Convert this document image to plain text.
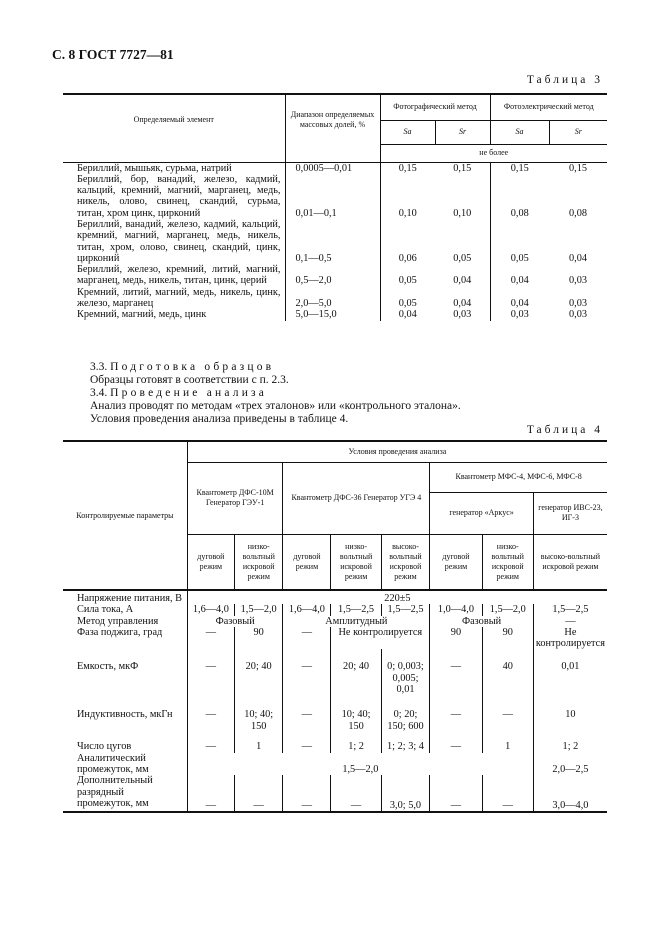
С. 8 ГОСТ 7727—81
Таблица 3
Определяемый элемент	Диапазон определяемых массовых долей, %	Фотографический метод		Фотоэлектрический метод	
		Sa	Sr	Sa	Sr
		не более			
Бериллий, мышьяк, сурьма, натрий	0,0005—0,01	0,15	0,15	0,15	0,15
Бериллий, бор, ванадий, железо, кадмий, кальций, кремний, магний, марганец, медь, никель, олово, свинец, скандий, сурьма, титан, хром цинк, цирконий	0,01—0,1	0,10	0,10	0,08	0,08
Бериллий, ванадий, железо, кадмий, кальций, кремний, магний, марганец, медь, никель, титан, хром, олово, свинец, скандий, цинк, цирконий	0,1—0,5	0,06	0,05	0,05	0,04
Бериллий, железо, кремний, литий, магний, марганец, медь, никель, титан, цинк, церий	0,5—2,0	0,05	0,04	0,04	0,03
Кремний, литий, магний, медь, никель, цинк, железо, марганец	2,0—5,0	0,05	0,04	0,04	0,03
Кремний, магний, медь, цинк	5,0—15,0	0,04	0,03	0,03	0,03
3.3. Подготовка образцов
Образцы готовят в соответствии с п. 2.3.
3.4. Проведение анализа
Анализ проводят по методам «трех эталонов» или «контрольного эталона».
Условия проведения анализа приведены в таблице 4.
Таблица 4
Контролируемые параметры	Условия проведения анализа							
	Квантометр ДФС-10М Генератор ГЭУ-1		Квантометр ДФС-36 Генератор УГЭ 4			Квантометр МФС-4, МФС-6, МФС-8		
						генератор «Аркус»		генератор ИВС-23, ИГ-3
	дуговой режим	низко-вольтный искровой режим	дуговой режим	низко-вольтный искровой режим	высоко-вольтный искровой режим	дуговой режим	низко-вольтный искровой режим	высоко-вольтный искровой режим
Напряжение питания, В	220±5							
Сила тока, А	1,6—4,0	1,5—2,0	1,6—4,0	1,5—2,5	1,5—2,5	1,0—4,0	1,5—2,0	1,5—2,5
Метод управления	Фазовый		Амплитудный			Фазовый		—
Фаза поджига, град	—	90	—	Не контролируется		90	90	Не контролируется
Емкость, мкФ	—	20; 40	—	20; 40	0; 0,003; 0,005; 0,01	—	40	0,01
Индуктивность, мкГн	—	10; 40; 150	—	10; 40; 150	0; 20; 150; 600	—	—	10
Число цугов	—	1	—	1; 2	1; 2; 3; 4	—	1	1; 2
Аналитический промежуток, мм	1,5—2,0							2,0—2,5
Дополнительный разрядный промежуток, мм	—	—	—	—	3,0; 5,0	—	—	3,0—4,0
